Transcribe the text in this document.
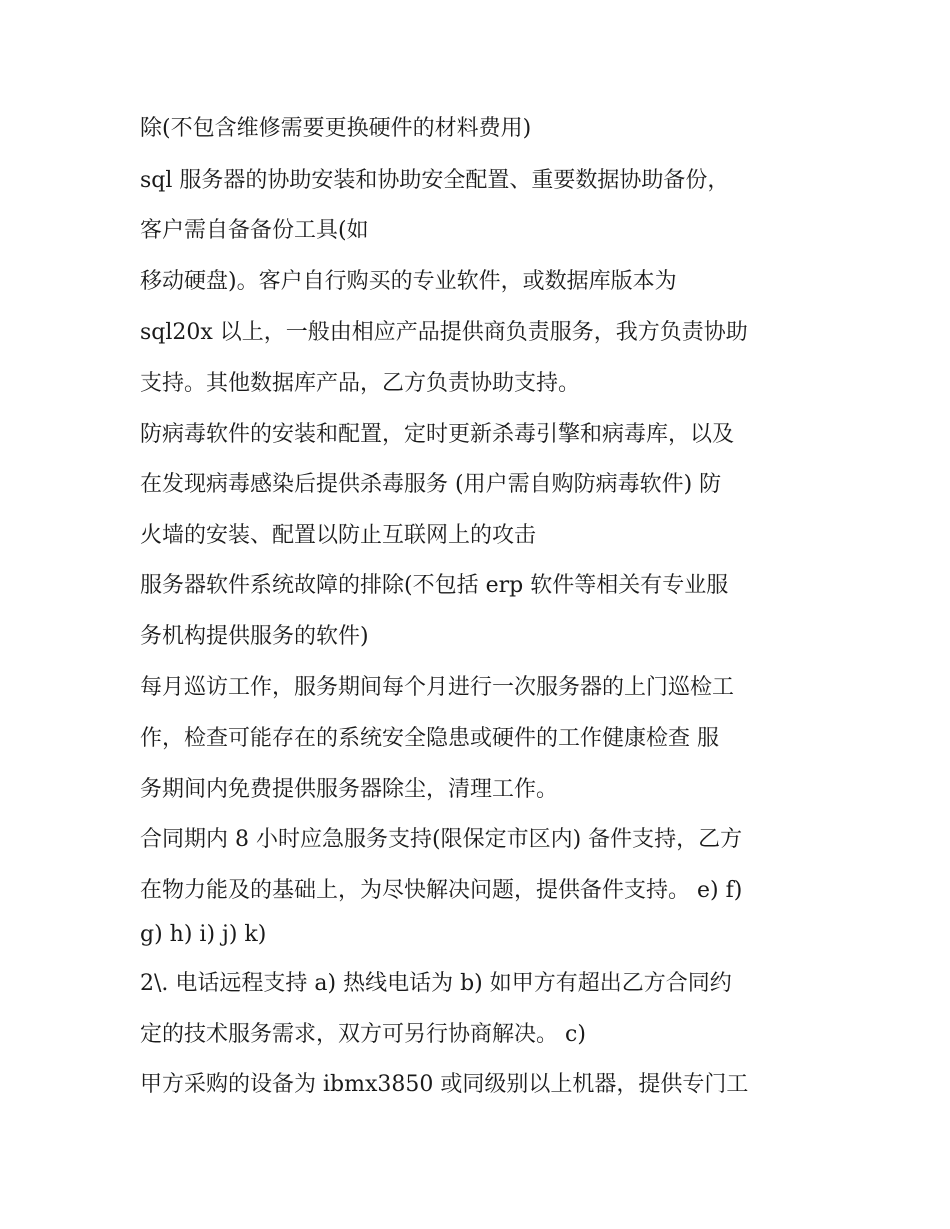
除(不包含维修需要更换硬件的材料费用)
sql 服务器的协助安装和协助安全配置、重要数据协助备份，
客户需自备备份工具(如
移动硬盘)。客户自行购买的专业软件，或数据库版本为
sql20x 以上，一般由相应产品提供商负责服务，我方负责协助
支持。其他数据库产品，乙方负责协助支持。
防病毒软件的安装和配置，定时更新杀毒引擎和病毒库，以及
在发现病毒感染后提供杀毒服务 (用户需自购防病毒软件) 防
火墙的安装、配置以防止互联网上的攻击
服务器软件系统故障的排除(不包括 erp 软件等相关有专业服
务机构提供服务的软件)
每月巡访工作，服务期间每个月进行一次服务器的上门巡检工
作，检查可能存在的系统安全隐患或硬件的工作健康检查 服
务期间内免费提供服务器除尘，清理工作。
合同期内 8 小时应急服务支持(限保定市区内) 备件支持，乙方
在物力能及的基础上，为尽快解决问题，提供备件支持。 e) f)
g) h) i) j) k)
2\. 电话远程支持 a) 热线电话为 b) 如甲方有超出乙方合同约
定的技术服务需求，双方可另行协商解决。 c)
甲方采购的设备为 ibmx3850 或同级别以上机器，提供专门工
